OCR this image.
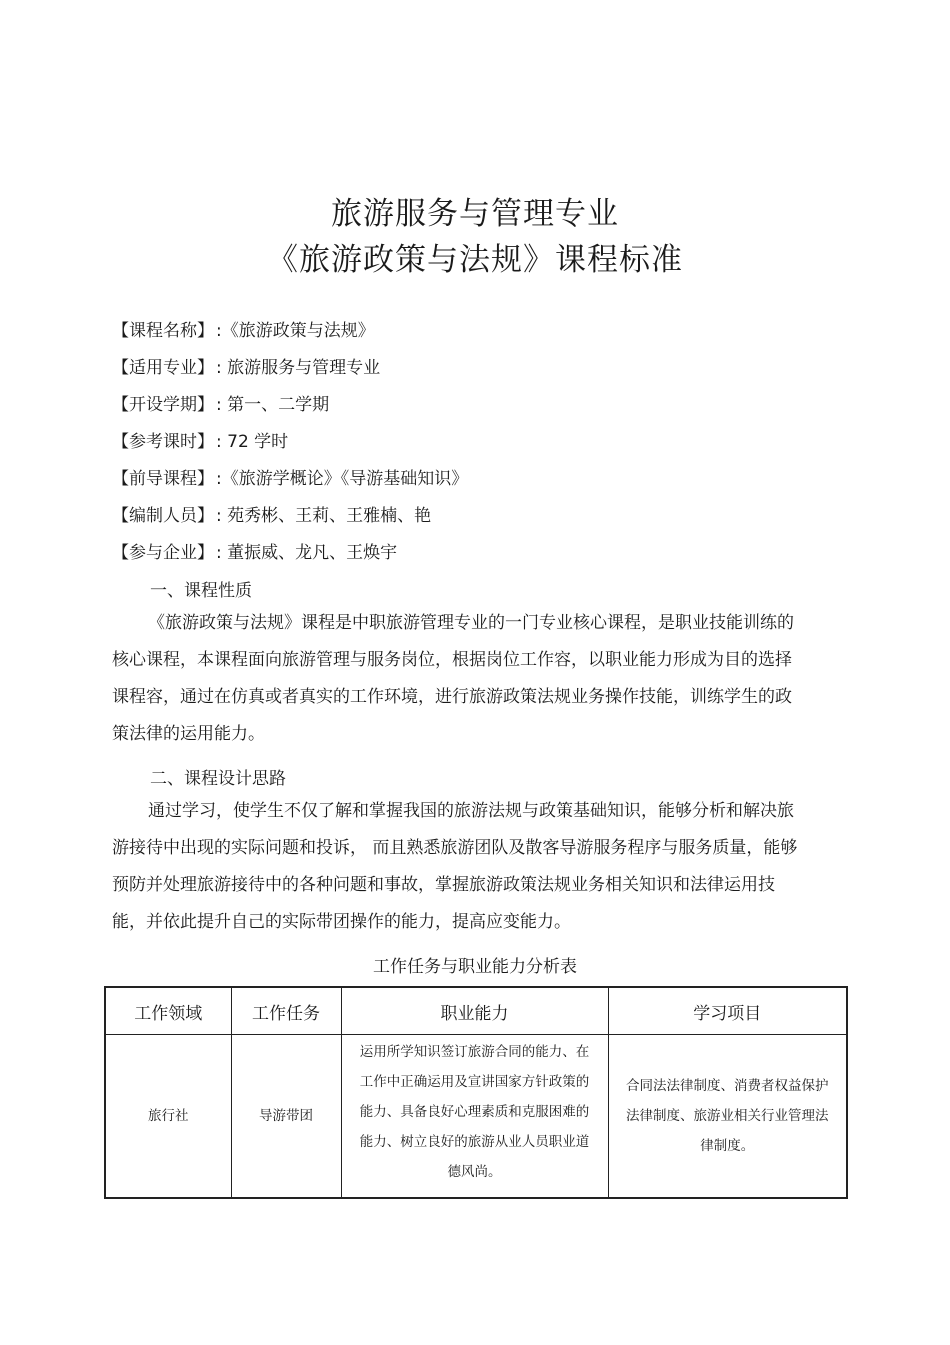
旅游服务与管理专业
《旅游政策与法规》课程标准
【课程名称】 :《旅游政策与法规》
【适用专业】 : 旅游服务与管理专业
【开设学期】 : 第一、二学期
【参考课时】 : 72 学时
【前导课程】 :《旅游学概论》《导游基础知识》
【编制人员】 : 苑秀彬、王莉、王雅楠、艳
【参与企业】 : 董振威、龙凡、王焕宇
一、课程性质

《旅游政策与法规》课程是中职旅游管理专业的一门专业核心课程，是职业技能训练的核心课程，本课程面向旅游管理与服务岗位，根据岗位工作容，以职业能力形成为目的选择课程容，通过在仿真或者真实的工作环境，进行旅游政策法规业务操作技能，训练学生的政策法律的运用能力。

二、课程设计思路

通过学习，使学生不仅了解和掌握我国的旅游法规与政策基础知识，能够分析和解决旅游接待中出现的实际问题和投诉， 而且熟悉旅游团队及散客导游服务程序与服务质量，能够预防并处理旅游接待中的各种问题和事故，掌握旅游政策法规业务相关知识和法律运用技能，并依此提升自己的实际带团操作的能力，提高应变能力。

工作任务与职业能力分析表
工作领域	工作任务	职业能力	学习项目
旅行社	导游带团	运用所学知识签订旅游合同的能力、在工作中正确运用及宣讲国家方针政策的能力、具备良好心理素质和克服困难的能力、树立良好的旅游从业人员职业道德风尚。	合同法法律制度、消费者权益保护法律制度、旅游业相关行业管理法律制度。
